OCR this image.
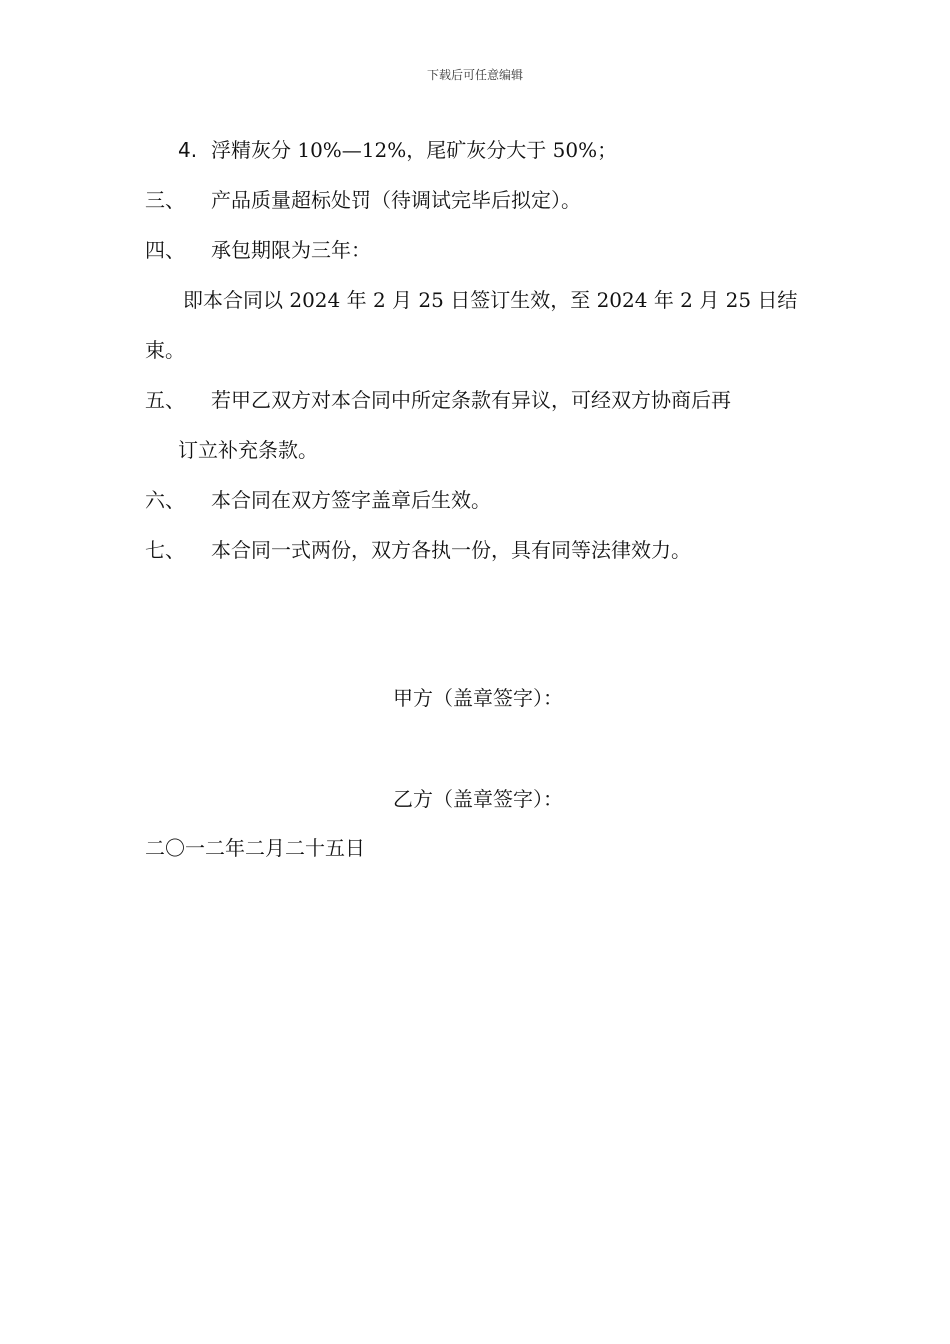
下载后可任意编辑
4. 浮精灰分 10%—12%，尾矿灰分大于 50%；
三、 产品质量超标处罚（待调试完毕后拟定）。
四、 承包期限为三年：
即本合同以 2024 年 2 月 25 日签订生效，至 2024 年 2 月 25 日结
束。
五、 若甲乙双方对本合同中所定条款有异议，可经双方协商后再
订立补充条款。
六、 本合同在双方签字盖章后生效。
七、 本合同一式两份，双方各执一份，具有同等法律效力。
甲方（盖章签字）：
乙方（盖章签字）：
二〇一二年二月二十五日
